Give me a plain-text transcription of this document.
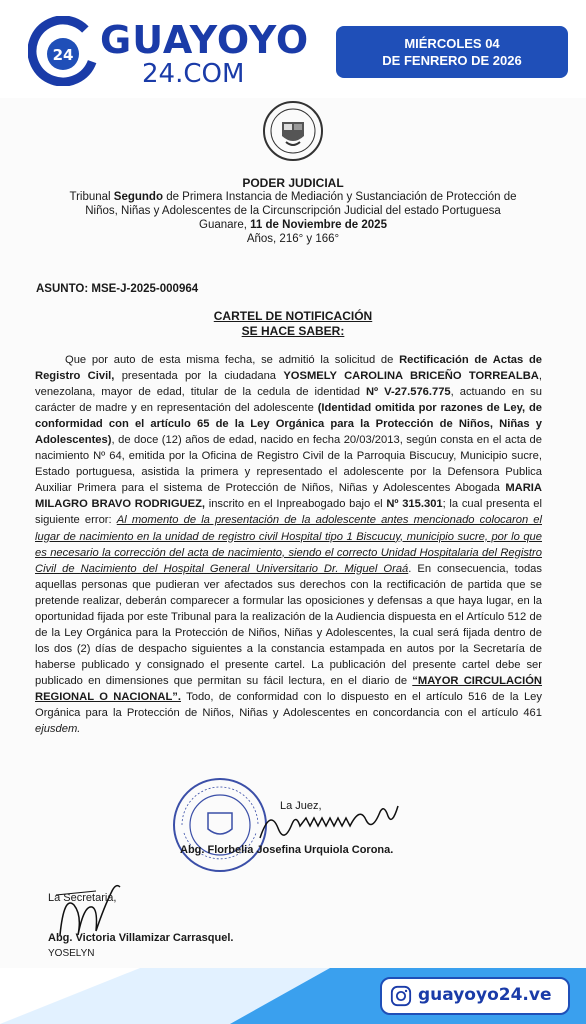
24 GUAYOYO
24.COM
MIÉRCOLES 04
DE FENRERO DE 2026
PODER JUDICIAL
Tribunal Segundo de Primera Instancia de Mediación y Sustanciación de Protección de
Niños, Niñas y Adolescentes de la Circunscripción Judicial del estado Portuguesa
Guanare, 11 de Noviembre de 2025
Años, 216° y 166°
ASUNTO: MSE-J-2025-000964
CARTEL DE NOTIFICACIÓN
SE HACE SABER:

Que por auto de esta misma fecha, se admitió la solicitud de Rectificación de Actas de Registro Civil, presentada por la ciudadana YOSMELY CAROLINA BRICEÑO TORREALBA, venezolana, mayor de edad, titular de la cedula de identidad Nº V-27.576.775, actuando en su carácter de madre y en representación del adolescente (Identidad omitida por razones de Ley, de conformidad con el artículo 65 de la Ley Orgánica para la Protección de Niños, Niñas y Adolescentes), de doce (12) años de edad, nacido en fecha 20/03/2013, según consta en el acta de nacimiento Nº 64, emitida por la Oficina de Registro Civil de la Parroquia Biscucuy, Municipio sucre, Estado portuguesa, asistida la primera y representado el adolescente por la Defensora Publica Auxiliar Primera para el sistema de Protección de Niños, Niñas y Adolescentes Abogada MARIA MILAGRO BRAVO RODRIGUEZ, inscrito en el Inpreabogado bajo el Nº 315.301; la cual presenta el siguiente error: Al momento de la presentación de la adolescente antes mencionado colocaron el lugar de nacimiento en la unidad de registro civil Hospital tipo 1 Biscucuy, municipio sucre, por lo que es necesario la corrección del acta de nacimiento, siendo el correcto Unidad Hospitalaria del Registro Civil de Nacimiento del Hospital General Universitario Dr. Miguel Oraá. En consecuencia, todas aquellas personas que pudieran ver afectados sus derechos con la rectificación de partida que se pretende realizar, deberán comparecer a formular las oposiciones y defensas a que haya lugar, en la oportunidad fijada por este Tribunal para la realización de la Audiencia dispuesta en el Artículo 512 de de la Ley Orgánica para la Protección de Niños, Niñas y Adolescentes, la cual será fijada dentro de los dos (2) días de despacho siguientes a la constancia estampada en autos por la Secretaría de haberse publicado y consignado el presente cartel. La publicación del presente cartel debe ser publicado en dimensiones que permitan su fácil lectura, en el diario de “MAYOR CIRCULACIÓN REGIONAL O NACIONAL”. Todo, de conformidad con lo dispuesto en el artículo 516 de la Ley Orgánica para la Protección de Niños, Niñas y Adolescentes en concordancia con el artículo 461 ejusdem.

La Juez,
Abg. Florbelia Josefina Urquiola Corona.
La Secretaria,
Abg. Victoria Villamizar Carrasquel.
YOSELYN
guayoyo24.ve
